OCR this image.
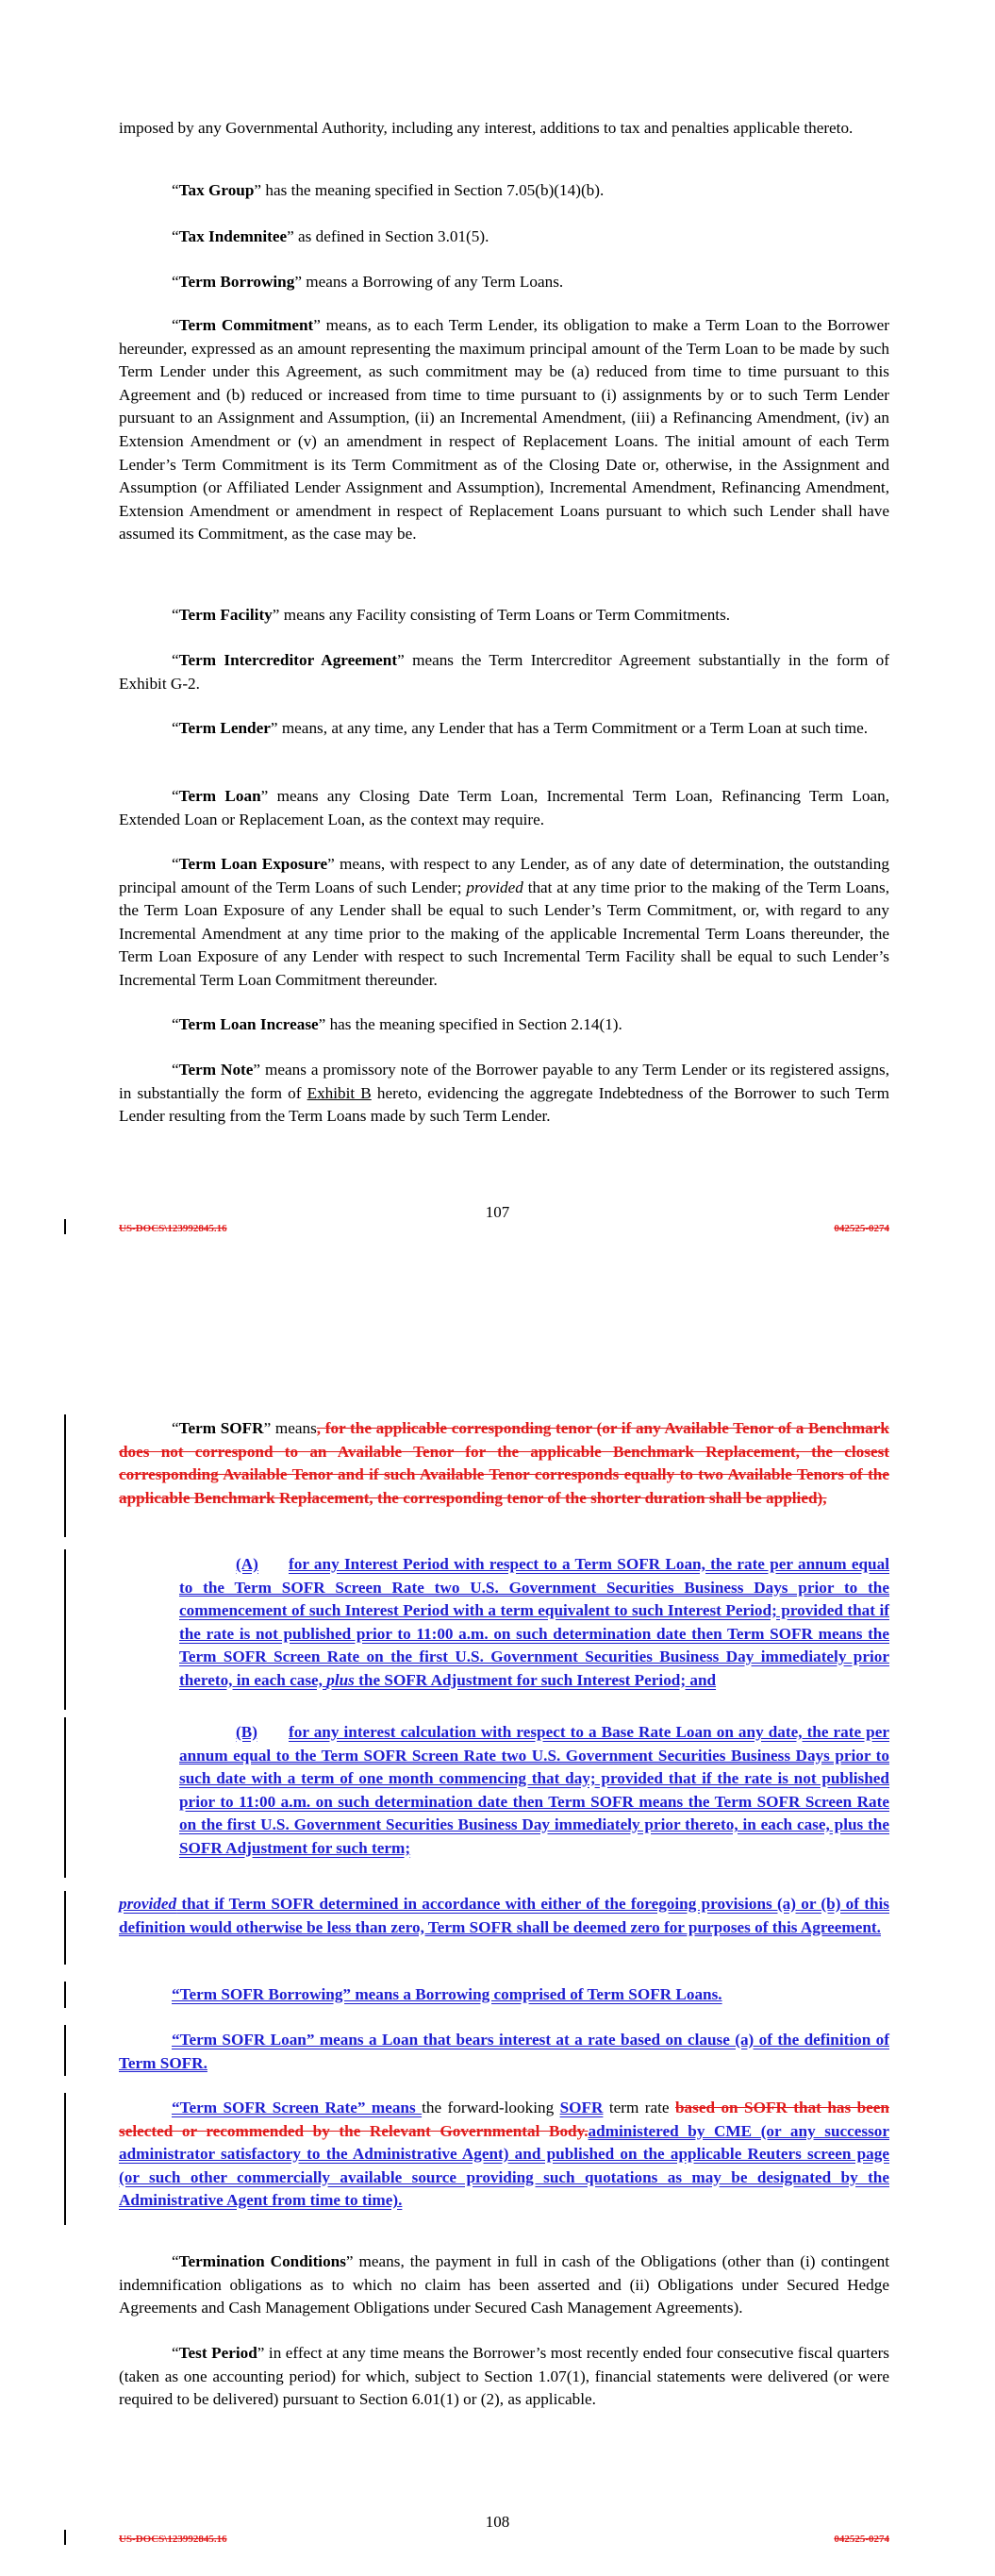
imposed by any Governmental Authority, including any interest, additions to tax and penalties applicable thereto.

“Tax Group” has the meaning specified in Section 7.05(b)(14)(b).

“Tax Indemnitee” as defined in Section 3.01(5).

“Term Borrowing” means a Borrowing of any Term Loans.

“Term Commitment” means, as to each Term Lender, its obligation to make a Term Loan to the Borrower hereunder, expressed as an amount representing the maximum principal amount of the Term Loan to be made by such Term Lender under this Agreement, as such commitment may be (a) reduced from time to time pursuant to this Agreement and (b) reduced or increased from time to time pursuant to (i) assignments by or to such Term Lender pursuant to an Assignment and Assumption, (ii) an Incremental Amendment, (iii) a Refinancing Amendment, (iv) an Extension Amendment or (v) an amendment in respect of Replacement Loans. The initial amount of each Term Lender’s Term Commitment is its Term Commitment as of the Closing Date or, otherwise, in the Assignment and Assumption (or Affiliated Lender Assignment and Assumption), Incremental Amendment, Refinancing Amendment, Extension Amendment or amendment in respect of Replacement Loans pursuant to which such Lender shall have assumed its Commitment, as the case may be.

“Term Facility” means any Facility consisting of Term Loans or Term Commitments.

“Term Intercreditor Agreement” means the Term Intercreditor Agreement substantially in the form of Exhibit G-2.

“Term Lender” means, at any time, any Lender that has a Term Commitment or a Term Loan at such time.

“Term Loan” means any Closing Date Term Loan, Incremental Term Loan, Refinancing Term Loan, Extended Loan or Replacement Loan, as the context may require.

“Term Loan Exposure” means, with respect to any Lender, as of any date of determination, the outstanding principal amount of the Term Loans of such Lender; provided that at any time prior to the making of the Term Loans, the Term Loan Exposure of any Lender shall be equal to such Lender’s Term Commitment, or, with regard to any Incremental Amendment at any time prior to the making of the applicable Incremental Term Loans thereunder, the Term Loan Exposure of any Lender with respect to such Incremental Term Facility shall be equal to such Lender’s Incremental Term Loan Commitment thereunder.

“Term Loan Increase” has the meaning specified in Section 2.14(1).

“Term Note” means a promissory note of the Borrower payable to any Term Lender or its registered assigns, in substantially the form of Exhibit B hereto, evidencing the aggregate Indebtedness of the Borrower to such Term Lender resulting from the Term Loans made by such Term Lender.

107
US-DOCS\123992845.16	042525-0274

“Term SOFR” means, for the applicable corresponding tenor (or if any Available Tenor of a Benchmark does not correspond to an Available Tenor for the applicable Benchmark Replacement, the closest corresponding Available Tenor and if such Available Tenor corresponds equally to two Available Tenors of the applicable Benchmark Replacement, the corresponding tenor of the shorter duration shall be applied),

(A) for any Interest Period with respect to a Term SOFR Loan, the rate per annum equal to the Term SOFR Screen Rate two U.S. Government Securities Business Days prior to the commencement of such Interest Period with a term equivalent to such Interest Period; provided that if the rate is not published prior to 11:00 a.m. on such determination date then Term SOFR means the Term SOFR Screen Rate on the first U.S. Government Securities Business Day immediately prior thereto, in each case, plus the SOFR Adjustment for such Interest Period; and

(B) for any interest calculation with respect to a Base Rate Loan on any date, the rate per annum equal to the Term SOFR Screen Rate two U.S. Government Securities Business Days prior to such date with a term of one month commencing that day; provided that if the rate is not published prior to 11:00 a.m. on such determination date then Term SOFR means the Term SOFR Screen Rate on the first U.S. Government Securities Business Day immediately prior thereto, in each case, plus the SOFR Adjustment for such term;

provided that if Term SOFR determined in accordance with either of the foregoing provisions (a) or (b) of this definition would otherwise be less than zero, Term SOFR shall be deemed zero for purposes of this Agreement.

“Term SOFR Borrowing” means a Borrowing comprised of Term SOFR Loans.

“Term SOFR Loan” means a Loan that bears interest at a rate based on clause (a) of the definition of Term SOFR.

“Term SOFR Screen Rate” means the forward-looking SOFR term rate based on SOFR that has been selected or recommended by the Relevant Governmental Body.administered by CME (or any successor administrator satisfactory to the Administrative Agent) and published on the applicable Reuters screen page (or such other commercially available source providing such quotations as may be designated by the Administrative Agent from time to time).

“Termination Conditions” means, the payment in full in cash of the Obligations (other than (i) contingent indemnification obligations as to which no claim has been asserted and (ii) Obligations under Secured Hedge Agreements and Cash Management Obligations under Secured Cash Management Agreements).

“Test Period” in effect at any time means the Borrower’s most recently ended four consecutive fiscal quarters (taken as one accounting period) for which, subject to Section 1.07(1), financial statements were delivered (or were required to be delivered) pursuant to Section 6.01(1) or (2), as applicable.

108
US-DOCS\123992845.16	042525-0274
